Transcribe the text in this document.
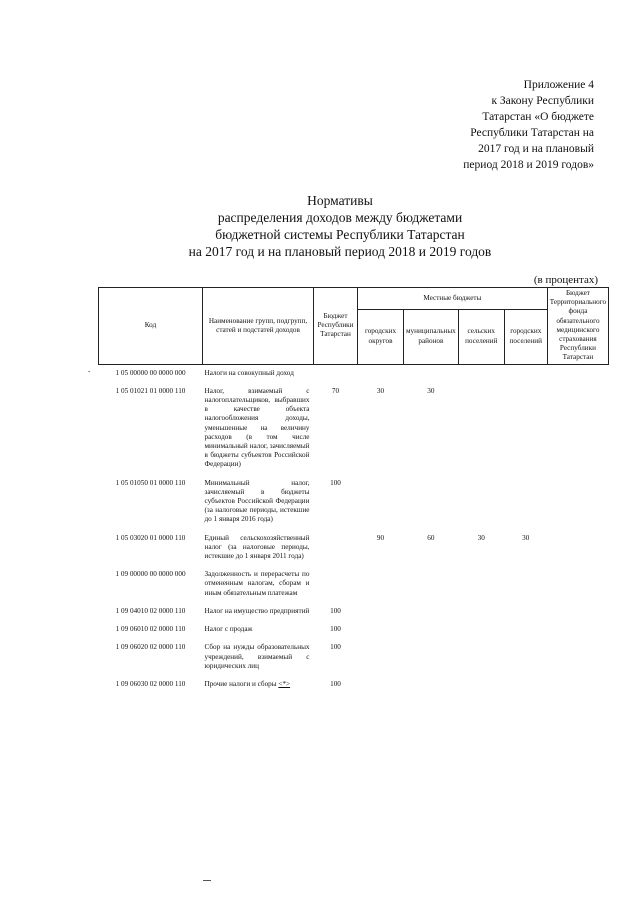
Приложение 4
к Закону Республики
Татарстан «О бюджете
Республики Татарстан на
2017 год и на плановый
период 2018 и 2019 годов»
Нормативы
распределения доходов между бюджетами
бюджетной системы Республики Татарстан
на 2017 год и на плановый период 2018 и 2019 годов
(в процентах)
-
Код	Наименование групп, подгрупп, статей и подстатей доходов	Бюджет Республики Татарстан	Местные бюджеты				Бюджет Территориального фонда обязательного медицинского страхования Республики Татарстан
			городских округов	муниципальных районов	сельских поселений	городских поселений	
1 05 00000 00 0000 000	Налоги на совокупный доход						
1 05 01021 01 0000 110	Налог, взимаемый с налогоплательщиков, выбравших в качестве объекта налогообложения доходы, уменьшенные на величину расходов (в том числе минимальный налог, зачисляемый в бюджеты субъектов Российской Федерации)	70	30	30			
1 05 01050 01 0000 110	Минимальный налог, зачисляемый в бюджеты субъектов Российской Федерации (за налоговые периоды, истекшие до 1 января 2016 года)	100					
1 05 03020 01 0000 110	Единый сельскохозяйственный налог (за налоговые периоды, истекшие до 1 января 2011 года)		90	60	30	30	
1 09 00000 00 0000 000	Задолженность и перерасчеты по отмененным налогам, сборам и иным обязательным платежам						
1 09 04010 02 0000 110	Налог на имущество предприятий	100					
1 09 06010 02 0000 110	Налог с продаж	100					
1 09 06020 02 0000 110	Сбор на нужды образовательных учреждений, взимаемый с юридических лиц	100					
1 09 06030 02 0000 110	Прочие налоги и сборы <*>	100					
